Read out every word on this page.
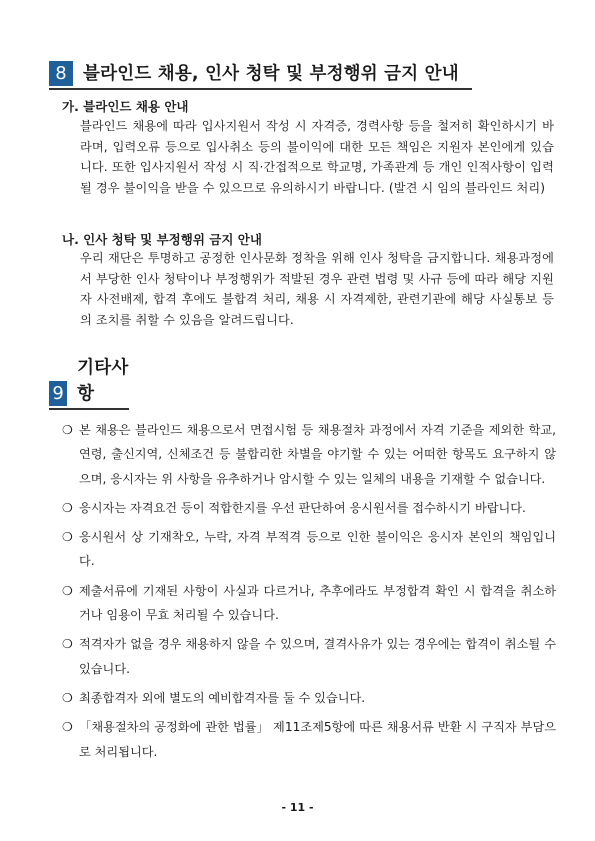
8 블라인드 채용, 인사 청탁 및 부정행위 금지 안내
가. 블라인드 채용 안내
블라인드 채용에 따라 입사지원서 작성 시 자격증, 경력사항 등을 철저히 확인하시기 바라며, 입력오류 등으로 입사취소 등의 불이익에 대한 모든 책임은 지원자 본인에게 있습니다. 또한 입사지원서 작성 시 직·간접적으로 학교명, 가족관계 등 개인 인적사항이 입력 될 경우 불이익을 받을 수 있으므로 유의하시기 바랍니다. (발견 시 임의 블라인드 처리)
나. 인사 청탁 및 부정행위 금지 안내
우리 재단은 투명하고 공정한 인사문화 정착을 위해 인사 청탁을 금지합니다. 채용과정에서 부당한 인사 청탁이나 부정행위가 적발된 경우 관련 법령 및 사규 등에 따라 해당 지원자 사전배제, 합격 후에도 불합격 처리, 채용 시 자격제한, 관련기관에 해당 사실통보 등의 조치를 취할 수 있음을 알려드립니다.
9
기타사항
❍ 본 채용은 블라인드 채용으로서 면접시험 등 채용절차 과정에서 자격 기준을 제외한 학교, 연령, 출신지역, 신체조건 등 불합리한 차별을 야기할 수 있는 어떠한 항목도 요구하지 않으며, 응시자는 위 사항을 유추하거나 암시할 수 있는 일체의 내용을 기재할 수 없습니다.
❍ 응시자는 자격요건 등이 적합한지를 우선 판단하여 응시원서를 접수하시기 바랍니다.
❍ 응시원서 상 기재착오, 누락, 자격 부적격 등으로 인한 불이익은 응시자 본인의 책임입니다.
❍ 제출서류에 기재된 사항이 사실과 다르거나, 추후에라도 부정합격 확인 시 합격을 취소하거나 임용이 무효 처리될 수 있습니다.
❍ 적격자가 없을 경우 채용하지 않을 수 있으며, 결격사유가 있는 경우에는 합격이 취소될 수 있습니다.
❍ 최종합격자 외에 별도의 예비합격자를 둘 수 있습니다.
❍ 「채용절차의 공정화에 관한 법률」 제11조제5항에 따른 채용서류 반환 시 구직자 부담으로 처리됩니다.
- 11 -
